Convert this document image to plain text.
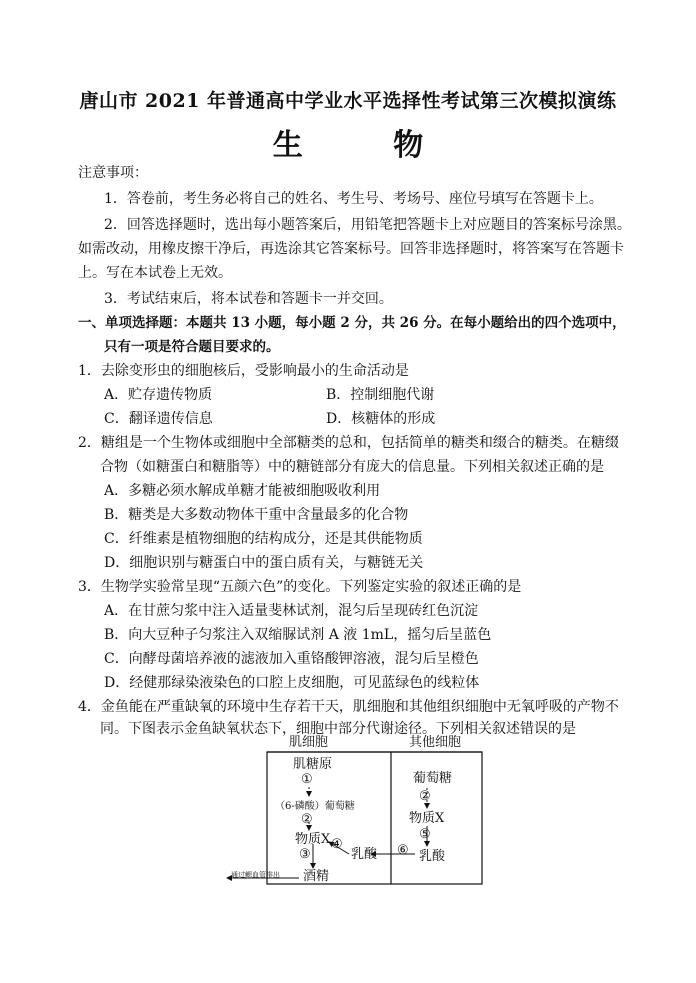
唐山市 2021 年普通高中学业水平选择性考试第三次模拟演练
生 物
注意事项：
1．答卷前，考生务必将自己的姓名、考生号、考场号、座位号填写在答题卡上。
2．回答选择题时，选出每小题答案后，用铅笔把答题卡上对应题目的答案标号涂黑。
如需改动，用橡皮擦干净后，再选涂其它答案标号。回答非选择题时，将答案写在答题卡
上。写在本试卷上无效。
3．考试结束后，将本试卷和答题卡一并交回。
一、单项选择题：本题共 13 小题，每小题 2 分，共 26 分。在每小题给出的四个选项中，
只有一项是符合题目要求的。
1．去除变形虫的细胞核后，受影响最小的生命活动是
A．贮存遗传物质	B．控制细胞代谢
C．翻译遗传信息	D．核糖体的形成
2．糖组是一个生物体或细胞中全部糖类的总和，包括简单的糖类和缀合的糖类。在糖缀
合物（如糖蛋白和糖脂等）中的糖链部分有庞大的信息量。下列相关叙述正确的是
A．多糖必须水解成单糖才能被细胞吸收利用
B．糖类是大多数动物体干重中含量最多的化合物
C．纤维素是植物细胞的结构成分，还是其供能物质
D．细胞识别与糖蛋白中的蛋白质有关，与糖链无关
3．生物学实验常呈现“五颜六色”的变化。下列鉴定实验的叙述正确的是
A．在甘蔗匀浆中注入适量斐林试剂，混匀后呈现砖红色沉淀
B．向大豆种子匀浆注入双缩脲试剂 A 液 1mL，摇匀后呈蓝色
C．向酵母菌培养液的滤液加入重铬酸钾溶液，混匀后呈橙色
D．经健那绿染液染色的口腔上皮细胞，可见蓝绿色的线粒体
4．金鱼能在严重缺氧的环境中生存若干天，肌细胞和其他组织细胞中无氧呼吸的产物不
同。下图表示金鱼缺氧状态下，细胞中部分代谢途径。下列相关叙述错误的是
肌细胞	其他细胞
肌糖原
①
（6-磷酸）葡萄糖
②
物质X ④
乳酸
③
酒精
通过鳃血管排出
葡萄糖
②
物质X
⑤
⑥ 乳酸
